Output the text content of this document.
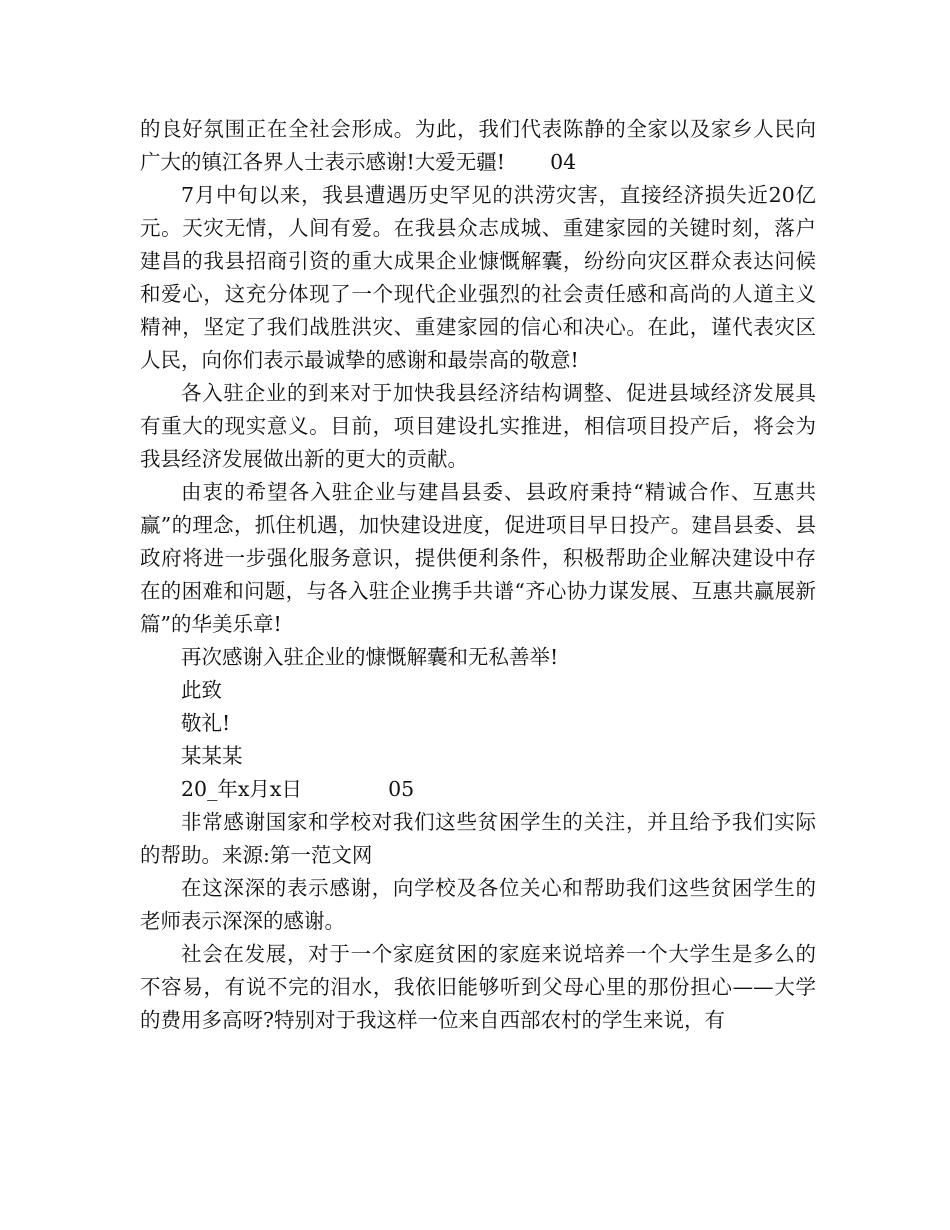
的良好氛围正在全社会形成。为此，我们代表陈静的全家以及家乡人民向广大的镇江各界人士表示感谢!大爱无疆! 04

7月中旬以来，我县遭遇历史罕见的洪涝灾害，直接经济损失近20亿元。天灾无情，人间有爱。在我县众志成城、重建家园的关键时刻，落户建昌的我县招商引资的重大成果企业慷慨解囊，纷纷向灾区群众表达问候和爱心，这充分体现了一个现代企业强烈的社会责任感和高尚的人道主义精神，坚定了我们战胜洪灾、重建家园的信心和决心。在此，谨代表灾区人民，向你们表示最诚挚的感谢和最崇高的敬意!

各入驻企业的到来对于加快我县经济结构调整、促进县域经济发展具有重大的现实意义。目前，项目建设扎实推进，相信项目投产后，将会为我县经济发展做出新的更大的贡献。

由衷的希望各入驻企业与建昌县委、县政府秉持“精诚合作、互惠共赢”的理念，抓住机遇，加快建设进度，促进项目早日投产。建昌县委、县政府将进一步强化服务意识，提供便利条件，积极帮助企业解决建设中存在的困难和问题，与各入驻企业携手共谱“齐心协力谋发展、互惠共赢展新篇”的华美乐章!

再次感谢入驻企业的慷慨解囊和无私善举!

此致

敬礼!

某某某

20_年x月x日	05

非常感谢国家和学校对我们这些贫困学生的关注，并且给予我们实际的帮助。来源:第一范文网

在这深深的表示感谢，向学校及各位关心和帮助我们这些贫困学生的老师表示深深的感谢。

社会在发展，对于一个家庭贫困的家庭来说培养一个大学生是多么的不容易，有说不完的泪水，我依旧能够听到父母心里的那份担心——大学的费用多高呀?特别对于我这样一位来自西部农村的学生来说，有
